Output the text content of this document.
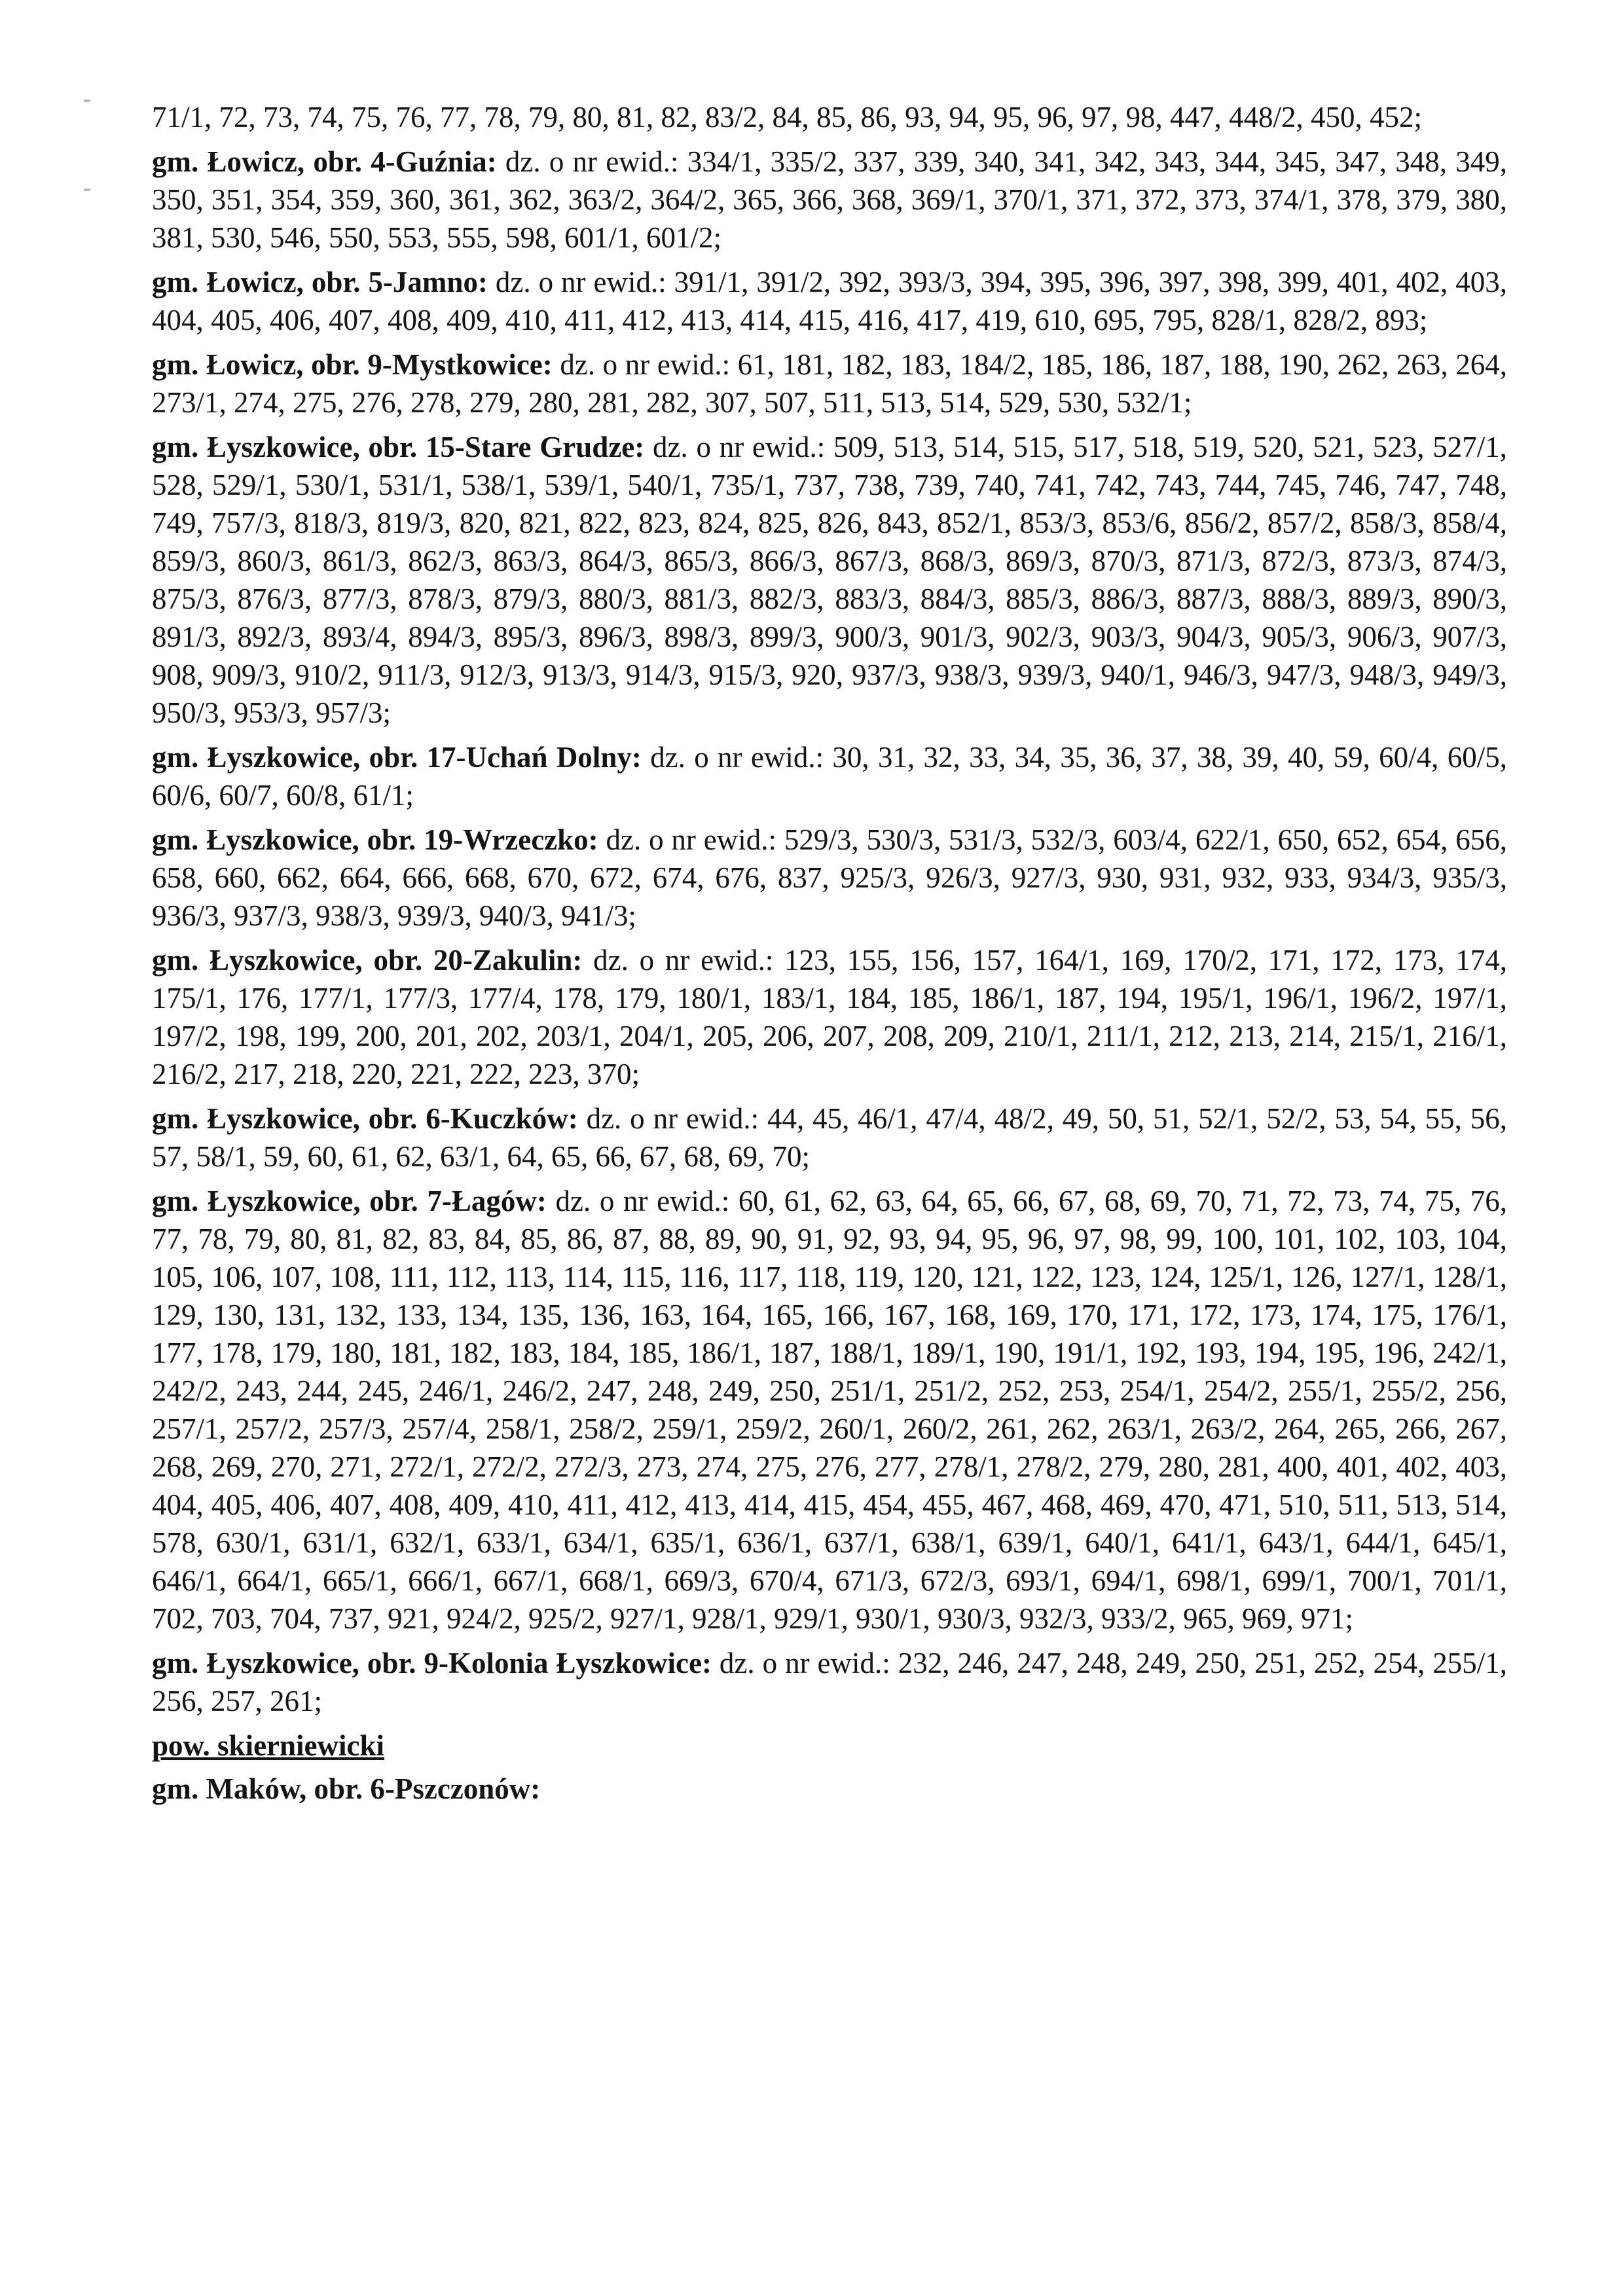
71/1, 72, 73, 74, 75, 76, 77, 78, 79, 80, 81, 82, 83/2, 84, 85, 86, 93, 94, 95, 96, 97, 98, 447, 448/2, 450, 452;

gm. Łowicz, obr. 4-Guźnia: dz. o nr ewid.: 334/1, 335/2, 337, 339, 340, 341, 342, 343, 344, 345, 347, 348, 349, 350, 351, 354, 359, 360, 361, 362, 363/2, 364/2, 365, 366, 368, 369/1, 370/1, 371, 372, 373, 374/1, 378, 379, 380, 381, 530, 546, 550, 553, 555, 598, 601/1, 601/2;

gm. Łowicz, obr. 5-Jamno: dz. o nr ewid.: 391/1, 391/2, 392, 393/3, 394, 395, 396, 397, 398, 399, 401, 402, 403, 404, 405, 406, 407, 408, 409, 410, 411, 412, 413, 414, 415, 416, 417, 419, 610, 695, 795, 828/1, 828/2, 893;

gm. Łowicz, obr. 9-Mystkowice: dz. o nr ewid.: 61, 181, 182, 183, 184/2, 185, 186, 187, 188, 190, 262, 263, 264, 273/1, 274, 275, 276, 278, 279, 280, 281, 282, 307, 507, 511, 513, 514, 529, 530, 532/1;

gm. Łyszkowice, obr. 15-Stare Grudze: dz. o nr ewid.: 509, 513, 514, 515, 517, 518, 519, 520, 521, 523, 527/1, 528, 529/1, 530/1, 531/1, 538/1, 539/1, 540/1, 735/1, 737, 738, 739, 740, 741, 742, 743, 744, 745, 746, 747, 748, 749, 757/3, 818/3, 819/3, 820, 821, 822, 823, 824, 825, 826, 843, 852/1, 853/3, 853/6, 856/2, 857/2, 858/3, 858/4, 859/3, 860/3, 861/3, 862/3, 863/3, 864/3, 865/3, 866/3, 867/3, 868/3, 869/3, 870/3, 871/3, 872/3, 873/3, 874/3, 875/3, 876/3, 877/3, 878/3, 879/3, 880/3, 881/3, 882/3, 883/3, 884/3, 885/3, 886/3, 887/3, 888/3, 889/3, 890/3, 891/3, 892/3, 893/4, 894/3, 895/3, 896/3, 898/3, 899/3, 900/3, 901/3, 902/3, 903/3, 904/3, 905/3, 906/3, 907/3, 908, 909/3, 910/2, 911/3, 912/3, 913/3, 914/3, 915/3, 920, 937/3, 938/3, 939/3, 940/1, 946/3, 947/3, 948/3, 949/3, 950/3, 953/3, 957/3;

gm. Łyszkowice, obr. 17-Uchań Dolny: dz. o nr ewid.: 30, 31, 32, 33, 34, 35, 36, 37, 38, 39, 40, 59, 60/4, 60/5, 60/6, 60/7, 60/8, 61/1;

gm. Łyszkowice, obr. 19-Wrzeczko: dz. o nr ewid.: 529/3, 530/3, 531/3, 532/3, 603/4, 622/1, 650, 652, 654, 656, 658, 660, 662, 664, 666, 668, 670, 672, 674, 676, 837, 925/3, 926/3, 927/3, 930, 931, 932, 933, 934/3, 935/3, 936/3, 937/3, 938/3, 939/3, 940/3, 941/3;

gm. Łyszkowice, obr. 20-Zakulin: dz. o nr ewid.: 123, 155, 156, 157, 164/1, 169, 170/2, 171, 172, 173, 174, 175/1, 176, 177/1, 177/3, 177/4, 178, 179, 180/1, 183/1, 184, 185, 186/1, 187, 194, 195/1, 196/1, 196/2, 197/1, 197/2, 198, 199, 200, 201, 202, 203/1, 204/1, 205, 206, 207, 208, 209, 210/1, 211/1, 212, 213, 214, 215/1, 216/1, 216/2, 217, 218, 220, 221, 222, 223, 370;

gm. Łyszkowice, obr. 6-Kuczków: dz. o nr ewid.: 44, 45, 46/1, 47/4, 48/2, 49, 50, 51, 52/1, 52/2, 53, 54, 55, 56, 57, 58/1, 59, 60, 61, 62, 63/1, 64, 65, 66, 67, 68, 69, 70;

gm. Łyszkowice, obr. 7-Łagów: dz. o nr ewid.: 60, 61, 62, 63, 64, 65, 66, 67, 68, 69, 70, 71, 72, 73, 74, 75, 76, 77, 78, 79, 80, 81, 82, 83, 84, 85, 86, 87, 88, 89, 90, 91, 92, 93, 94, 95, 96, 97, 98, 99, 100, 101, 102, 103, 104, 105, 106, 107, 108, 111, 112, 113, 114, 115, 116, 117, 118, 119, 120, 121, 122, 123, 124, 125/1, 126, 127/1, 128/1, 129, 130, 131, 132, 133, 134, 135, 136, 163, 164, 165, 166, 167, 168, 169, 170, 171, 172, 173, 174, 175, 176/1, 177, 178, 179, 180, 181, 182, 183, 184, 185, 186/1, 187, 188/1, 189/1, 190, 191/1, 192, 193, 194, 195, 196, 242/1, 242/2, 243, 244, 245, 246/1, 246/2, 247, 248, 249, 250, 251/1, 251/2, 252, 253, 254/1, 254/2, 255/1, 255/2, 256, 257/1, 257/2, 257/3, 257/4, 258/1, 258/2, 259/1, 259/2, 260/1, 260/2, 261, 262, 263/1, 263/2, 264, 265, 266, 267, 268, 269, 270, 271, 272/1, 272/2, 272/3, 273, 274, 275, 276, 277, 278/1, 278/2, 279, 280, 281, 400, 401, 402, 403, 404, 405, 406, 407, 408, 409, 410, 411, 412, 413, 414, 415, 454, 455, 467, 468, 469, 470, 471, 510, 511, 513, 514, 578, 630/1, 631/1, 632/1, 633/1, 634/1, 635/1, 636/1, 637/1, 638/1, 639/1, 640/1, 641/1, 643/1, 644/1, 645/1, 646/1, 664/1, 665/1, 666/1, 667/1, 668/1, 669/3, 670/4, 671/3, 672/3, 693/1, 694/1, 698/1, 699/1, 700/1, 701/1, 702, 703, 704, 737, 921, 924/2, 925/2, 927/1, 928/1, 929/1, 930/1, 930/3, 932/3, 933/2, 965, 969, 971;

gm. Łyszkowice, obr. 9-Kolonia Łyszkowice: dz. o nr ewid.: 232, 246, 247, 248, 249, 250, 251, 252, 254, 255/1, 256, 257, 261;

pow. skierniewicki

gm. Maków, obr. 6-Pszczonów:
